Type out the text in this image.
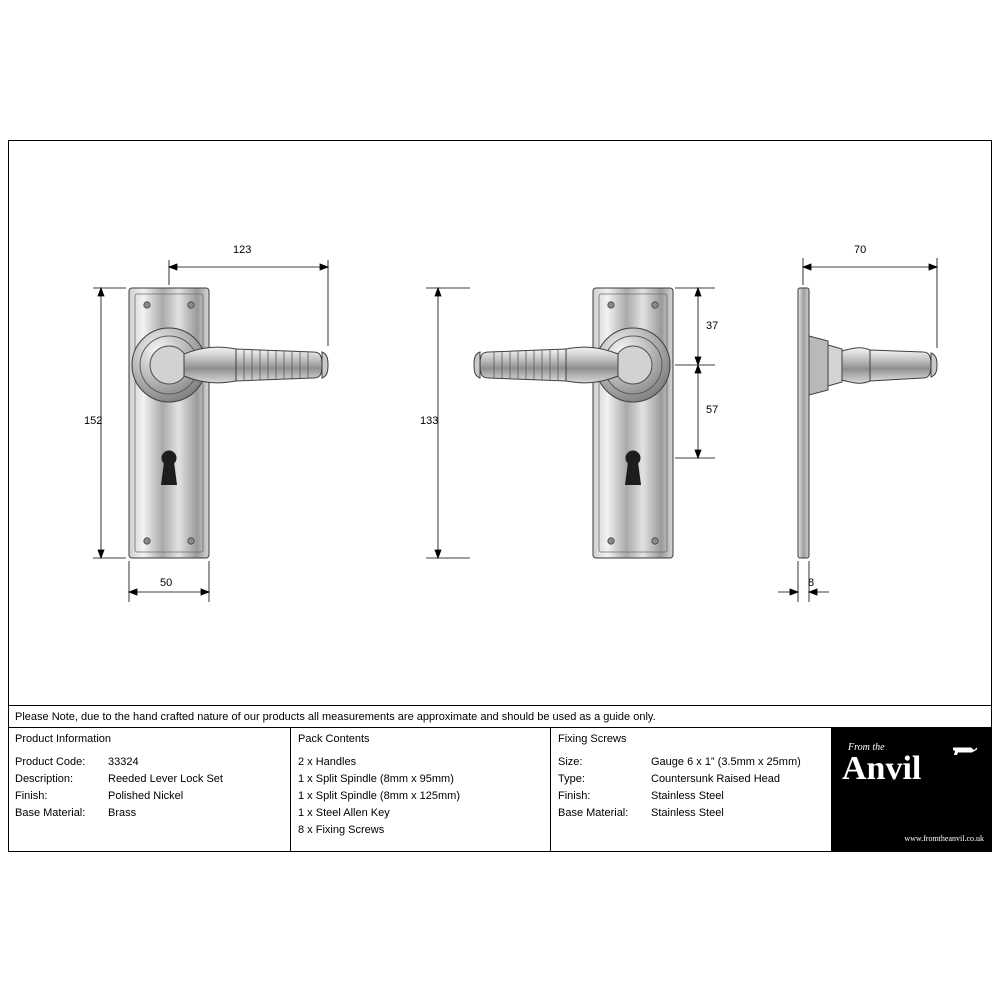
123
152
50
133
37
57
70
8
Please Note, due to the hand crafted nature of our products all measurements are approximate and should be used as a guide only.
Product Information
Product Code:	33324
Description:	Reeded Lever Lock Set
Finish:	Polished Nickel
Base Material:	Brass
Pack Contents
2 x Handles
1 x Split Spindle (8mm x 95mm)
1 x Split Spindle (8mm x 125mm)
1 x Steel Allen Key
8 x Fixing Screws
Fixing Screws
Size:	Gauge 6 x 1” (3.5mm x 25mm)
Type:	Countersunk Raised Head
Finish:	Stainless Steel
Base Material:	Stainless Steel
From the
Anvil
www.fromtheanvil.co.uk
